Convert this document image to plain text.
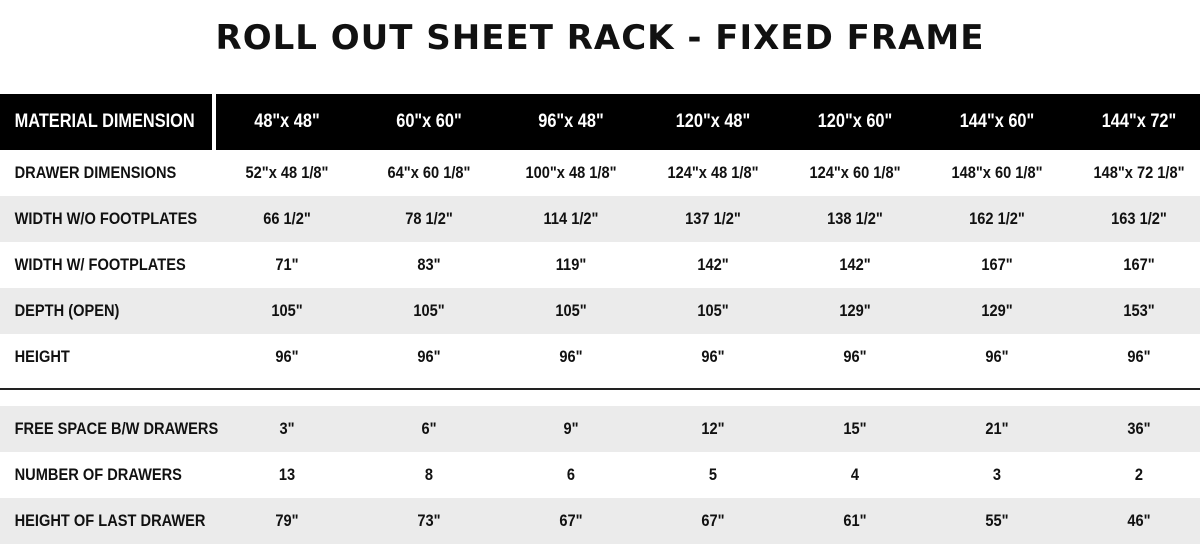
ROLL OUT SHEET RACK - FIXED FRAME
MATERIAL DIMENSION	48"x 48"	60"x 60"	96"x 48"	120"x 48"	120"x 60"	144"x 60"	144"x 72"
DRAWER DIMENSIONS	52"x 48 1/8"	64"x 60 1/8"	100"x 48 1/8"	124"x 48 1/8"	124"x 60 1/8"	148"x 60 1/8"	148"x 72 1/8"
WIDTH W/O FOOTPLATES	66 1/2"	78 1/2"	114 1/2"	137 1/2"	138 1/2"	162 1/2"	163 1/2"
WIDTH W/ FOOTPLATES	71"	83"	119"	142"	142"	167"	167"
DEPTH (OPEN)	105"	105"	105"	105"	129"	129"	153"
HEIGHT	96"	96"	96"	96"	96"	96"	96"
FREE SPACE B/W DRAWERS	3"	6"	9"	12"	15"	21"	36"
NUMBER OF DRAWERS	13	8	6	5	4	3	2
HEIGHT OF LAST DRAWER	79"	73"	67"	67"	61"	55"	46"
